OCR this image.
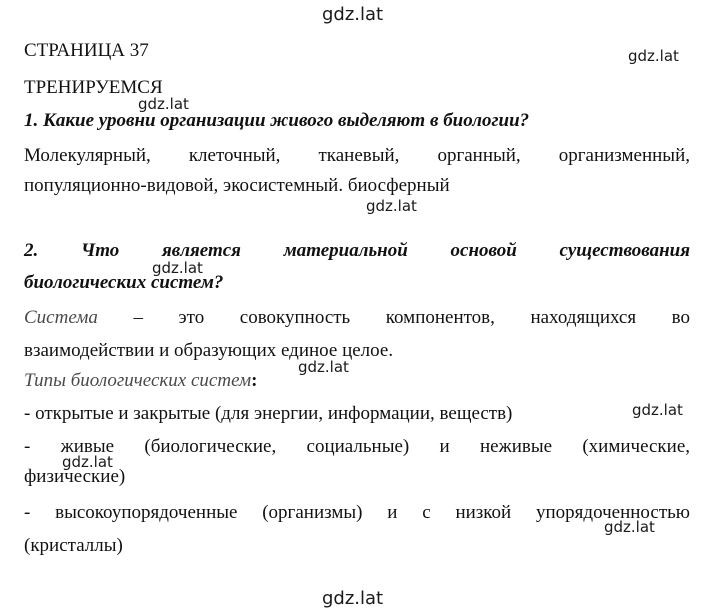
gdz.lat
gdz.lat
gdz.lat
gdz.lat
gdz.lat
gdz.lat
gdz.lat
gdz.lat
gdz.lat
gdz.lat
СТРАНИЦА 37
ТРЕНИРУЕМСЯ
1. Какие уровни организации живого выделяют в биологии?
Молекулярный, клеточный, тканевый, органный, организменный,
популяционно-видовой, экосистемный. биосферный
2. Что является материальной основой существования
биологических систем?
Система – это совокупность компонентов, находящихся во
взаимодействии и образующих единое целое.
Типы биологических систем:
- открытые и закрытые (для энергии, информации, веществ)
- живые (биологические, социальные) и неживые (химические,
физические)
- высокоупорядоченные (организмы) и с низкой упорядоченностью
(кристаллы)
